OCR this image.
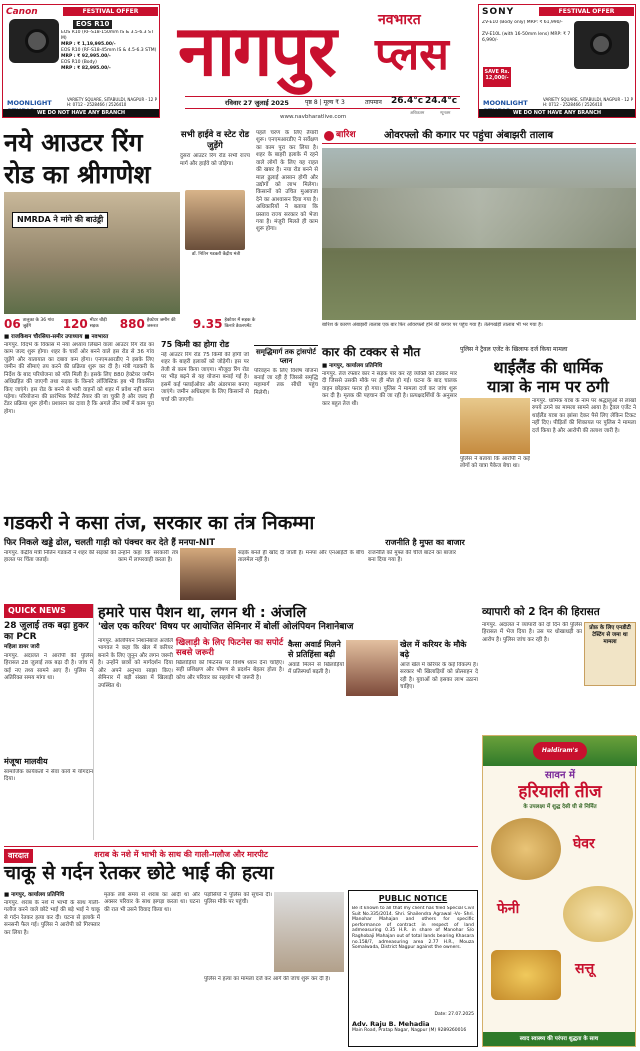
Canon	FESTIVAL OFFER
EOS R10
EOS R10 (RF-S18-150mm IS & 3.5-6.3 STM)
MRP : ₹ 1,19,995.00/-
EOS R10 (RF-S18-45mm IS & 4.5-6.3 STM)
MRP : ₹ 92,995.00/-
EOS R10 (Body)
MRP : ₹ 82,995.00/-
MOONLIGHT	VARIETY SQUARE, SITABULDI, NAGPUR - 12 PH: 0712 - 2528466 / 2526410
WE DO NOT HAVE ANY BRANCH
नागपुर	नवभारत
प्लस
रविवार 27 जुलाई 2025	पृष्ठ 8 | मूल्य ₹ 3	तापमान 26.4°c 24.4°c
अधिकतम	न्यूनतम
www.navbharatlive.com
SONY	FESTIVAL OFFER
ZV-E10 (Body only) MRP: ₹ 61,990/-
ZV-E10L (with 16-50mm lens) MRP: ₹ 76,990/-
SAVE Rs. 12,000/-
MOONLIGHT	VARIETY SQUARE, SITABULDI, NAGPUR - 12 PH: 0712 - 2528466 / 2526410
WE DO NOT HAVE ANY BRANCH
नये आउटर रिंग
रोड का श्रीगणेश
NMRDA ने मांगे की बाउंड्री
06 तालुका के 36 गांव जुड़ेंगे	120 मीटर चौड़ी सड़क	880 हेक्टेयर जमीन की जरूरत	9.35 हेक्टेयर में सड़क के किनारे डेवलपमेंट
■ राजकिशन चौरसिया-समीर उपाध्याय ■ नवभारत
नागपुर. विदर्भ के विकास में नया अध्याय लिखने वाला आउटर रिंग रोड का काम जल्द शुरू होगा। शहर के चारों ओर बनने वाले इस रोड से 36 गांव जुड़ेंगे और यातायात का दबाव कम होगा। एनएमआरडीए ने इसके लिए जमीन की सीमाएं तय करने की प्रक्रिया शुरू कर दी है। मंत्री गडकरी के निर्देश के बाद परियोजना को गति मिली है। इसके लिए 880 हेक्टेयर जमीन अधिग्रहित की जाएगी तथा सड़क के किनारे लॉजिस्टिक हब भी विकसित किए जाएंगे। इस रोड के बनने से भारी वाहनों को शहर में प्रवेश नहीं करना पड़ेगा। परियोजना की प्रारंभिक रिपोर्ट तैयार की जा चुकी है और जल्द ही टेंडर प्रक्रिया शुरू होगी। प्रशासन का दावा है कि अगले तीन वर्षों में काम पूरा होगा।
75 किमी का होगा रोड
नई आउटर रिंग रोड 75 किमी की होगी जो शहर के बाहरी इलाकों को जोड़ेगी। इस पर तेजी से काम किया जाएगा। मौजूदा रिंग रोड पर भीड़ बढ़ने से यह योजना बनाई गई है। इसमें कई फ्लाईओवर और अंडरपास बनाए जाएंगे। जमीन अधिग्रहण के लिए किसानों से चर्चा की जाएगी।
सभी हाईवे व स्टेट रोड जुड़ेंगे
दुसरा आउटर रिंग रोड सभी राज्य मार्ग और हाईवे को जोड़ेगा।
डॉ. नितिन गडकरी केंद्रीय मंत्री
पहले चरण के लिए तैयारी शुरू। एनएमआरडीए ने सर्वेक्षण का काम पूरा कर लिया है। शहर के बाहरी इलाके में रहने वाले लोगों के लिए यह राहत की खबर है। नया रोड बनने से माल ढुलाई आसान होगी और उद्योगों को लाभ मिलेगा। किसानों को उचित मुआवजा देने का आश्वासन दिया गया है। अधिकारियों ने बताया कि प्रस्ताव राज्य सरकार को भेजा गया है। मंजूरी मिलते ही काम शुरू होगा।
समृद्धिमार्ग तक ट्रांसपोर्ट प्लान
परिवहन के लिए विशेष योजना बनाई जा रही है जिससे समृद्धि महामार्ग तक सीधी पहुंच मिलेगी।
बारिश	ओवरफ्लो की कगार पर पहुंचा अंबाझरी तालाब
बारिश के कारण अंबाझरी तालाब एक बार फिर ओवरफ्लो होने की कगार पर पहुंच गया है। तेलंगखेड़ी तालाब भी भर गया है।
कार की टक्कर से मौत
■ नागपुर, कार्यालय प्रतिनिधि
नागपुर. तेज रफ्तार कार ने सड़क पार कर रहे व्यक्ति को टक्कर मार दी जिससे उसकी मौके पर ही मौत हो गई। घटना के बाद चालक वाहन छोड़कर फरार हो गया। पुलिस ने मामला दर्ज कर जांच शुरू कर दी है। मृतक की पहचान की जा रही है। प्रत्यक्षदर्शियों के अनुसार कार बहुत तेज थी।
पुलिस ने ट्रैवल एजेंट के खिलाफ दर्ज किया मामला
थाईलैंड की धार्मिक
यात्रा के नाम पर ठगी
नागपुर. धार्मिक यात्रा के नाम पर श्रद्धालुओं से लाखों रुपये ठगने का मामला सामने आया है। ट्रैवल एजेंट ने थाईलैंड यात्रा का झांसा देकर पैसे लिए लेकिन टिकट नहीं दिए। पीड़ितों की शिकायत पर पुलिस ने मामला दर्ज किया है और आरोपी की तलाश जारी है।
पुलिस ने बताया कि आरोपी ने कई लोगों को यात्रा पैकेज बेचा था।
गडकरी ने कसा तंज, सरकार का तंत्र निकम्मा
फिर निकले खड्डे ढोल, चलती गाड़ी को पंक्चर कर देते हैं मनपा-NIT	राजनीति है मुफ्त का बाजार
नागपुर. केंद्रीय मंत्री नितिन गडकरी ने शहर की सड़कों की हालत पर चिंता जताई।
उन्होंने कहा कि सरकारी तंत्र काम में लापरवाही करता है।
सड़कें बनते ही खोद दी जाती हैं। मनपा और एनआईटी के बीच तालमेल नहीं है।
राजनीति को मुफ्त की चीजें बांटने का बाजार बना दिया गया है।
QUICK NEWS
28 जुलाई तक बढ़ा हुकर का PCR
महिला डायर जारी
नागपुर. अदालत ने आरोपी की पुलिस हिरासत 28 जुलाई तक बढ़ा दी है। जांच में कई नए तथ्य सामने आए हैं। पुलिस ने अतिरिक्त समय मांगा था।
मंजूषा मालवीय
सामाजिक कार्यकर्ता ने सेवा कार्य में योगदान दिया।
हमारे पास पैशन था, लगन थी : अंजलि
'खेल एक करियर' विषय पर आयोजित सेमिनार में बोलीं ओलंपियन निशानेबाज
नागपुर. ओलंपियन निशानेबाज अंजलि भागवत ने कहा कि खेल में करियर बनाने के लिए जुनून और लगन जरूरी है। उन्होंने छात्रों को मार्गदर्शन दिया और अपने अनुभव साझा किए। सेमिनार में बड़ी संख्या में खिलाड़ी उपस्थित थे।
खिलाड़ी के लिए फिटनेस का सपोर्ट सबसे जरूरी
खिलाड़ियों को फिटनेस पर विशेष ध्यान देना चाहिए। सही प्रशिक्षण और पोषण से प्रदर्शन बेहतर होता है। कोच और परिवार का सहयोग भी जरूरी है।
कैसा अवार्ड मिलने से प्रतिहिंसा बढ़ी
अवार्ड मिलने से खिलाड़ियों में प्रतिस्पर्धा बढ़ती है।
खेल में करियर के मौके बढ़े
आज खेल में करियर के कई विकल्प हैं। सरकार भी खिलाड़ियों को प्रोत्साहन दे रही है। युवाओं को इसका लाभ उठाना चाहिए।
व्यापारी को 2 दिन की हिरासत
नागपुर. अदालत ने व्यापारी को दो दिन की पुलिस हिरासत में भेज दिया है। उस पर धोखाधड़ी का आरोप है। पुलिस जांच कर रही है।
प्रोफ़ के लिए एनडीटी टेस्टिंग से जमा था मामला
Haldiram's
सावन में
हरियाली तीज
के उपलक्ष्य में शुद्ध देसी घी से निर्मित
घेवर
फेनी
सत्तू
स्वाद स्वास्थ्य की परंपरा शुद्धता के साथ
वारदात	शराब के नशे में भाभी के साथ की गाली-गलौज और मारपीट
चाकू से गर्दन रेतकर छोटे भाई की हत्या
■ नागपुर, कार्यालय प्रतिनिधि
नागपुर. शराब के नशे में भाभी के साथ गाली-गलौज करने वाले छोटे भाई की बड़े भाई ने चाकू से गर्दन रेतकर हत्या कर दी। घटना से इलाके में सनसनी फैल गई। पुलिस ने आरोपी को गिरफ्तार कर लिया है।
मृतक लंबे समय से शराब का आदी था और अक्सर परिवार के साथ झगड़ा करता था। घटना की रात भी उसने विवाद किया था।
पड़ोसियों ने पुलिस को सूचना दी। पुलिस मौके पर पहुंची।
पुलिस ने हत्या का मामला दर्ज कर आगे की जांच शुरू कर दी है।
PUBLIC NOTICE
Be it known to all that my client has filed Special Civil Suit No.335/2014. Shri. Shailendra Agrawal -Vs- Shri. Manohar Mahajan and others for specific performance of contract in respect of land admeasuring 0.35 H.R. in share of Manohar S/o Raghobaji Mahajan out of total lands bearing Khasara no.158/7, admeasuring area 2.77 H.R., Mouza Somalwada, District Nagpur against the owners.
Date: 27.07.2025
Adv. Raju B. Mehadia
Main Road, Pratap Nagar, Nagpur (M) 9289260016
